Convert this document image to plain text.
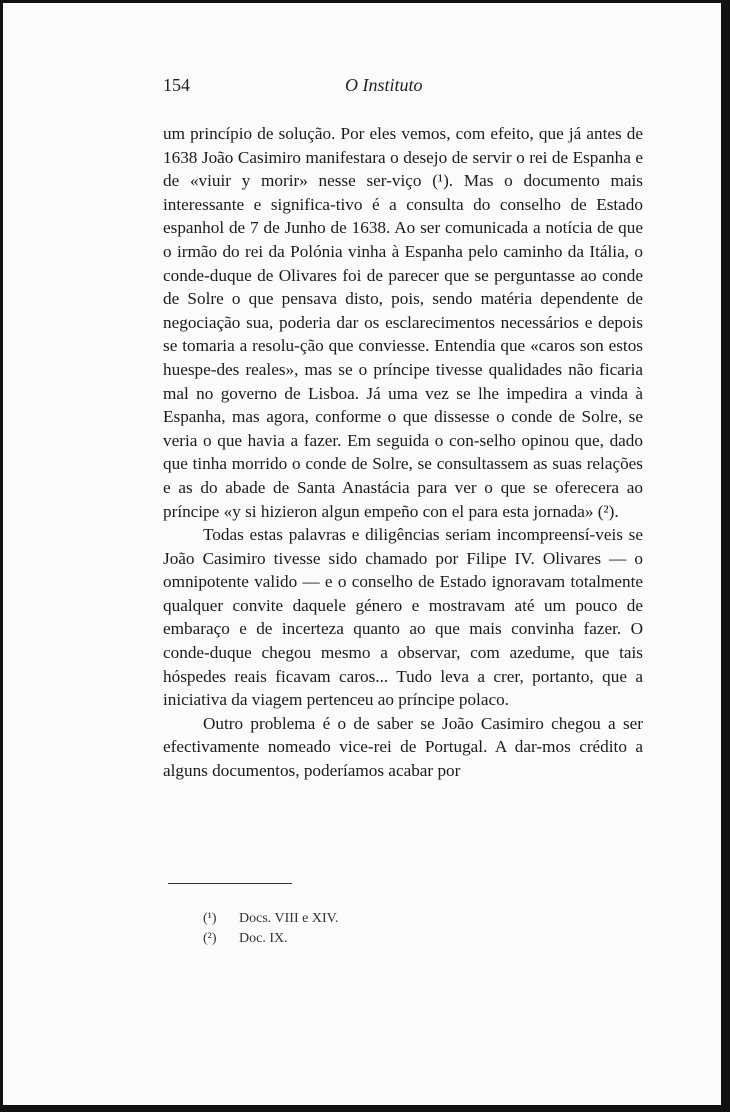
154	O Instituto

um princípio de solução. Por eles vemos, com efeito, que já antes de 1638 João Casimiro manifestara o desejo de servir o rei de Espanha e de «viuir y morir» nesse ser-viço (¹). Mas o documento mais interessante e significa-tivo é a consulta do conselho de Estado espanhol de 7 de Junho de 1638. Ao ser comunicada a notícia de que o irmão do rei da Polónia vinha à Espanha pelo caminho da Itália, o conde-duque de Olivares foi de parecer que se perguntasse ao conde de Solre o que pensava disto, pois, sendo matéria dependente de negociação sua, poderia dar os esclarecimentos necessários e depois se tomaria a resolu-ção que conviesse. Entendia que «caros son estos huespe-des reales», mas se o príncipe tivesse qualidades não ficaria mal no governo de Lisboa. Já uma vez se lhe impedira a vinda à Espanha, mas agora, conforme o que dissesse o conde de Solre, se veria o que havia a fazer. Em seguida o con-selho opinou que, dado que tinha morrido o conde de Solre, se consultassem as suas relações e as do abade de Santa Anastácia para ver o que se oferecera ao príncipe «y si hizieron algun empeño con el para esta jornada» (²).

Todas estas palavras e diligências seriam incompreensí-veis se João Casimiro tivesse sido chamado por Filipe IV. Olivares — o omnipotente valido — e o conselho de Estado ignoravam totalmente qualquer convite daquele género e mostravam até um pouco de embaraço e de incerteza quanto ao que mais convinha fazer. O conde-duque chegou mesmo a observar, com azedume, que tais hóspedes reais ficavam caros... Tudo leva a crer, portanto, que a iniciativa da viagem pertenceu ao príncipe polaco.

Outro problema é o de saber se João Casimiro chegou a ser efectivamente nomeado vice-rei de Portugal. A dar-mos crédito a alguns documentos, poderíamos acabar por

(¹) Docs. VIII e XIV.
(²) Doc. IX.
